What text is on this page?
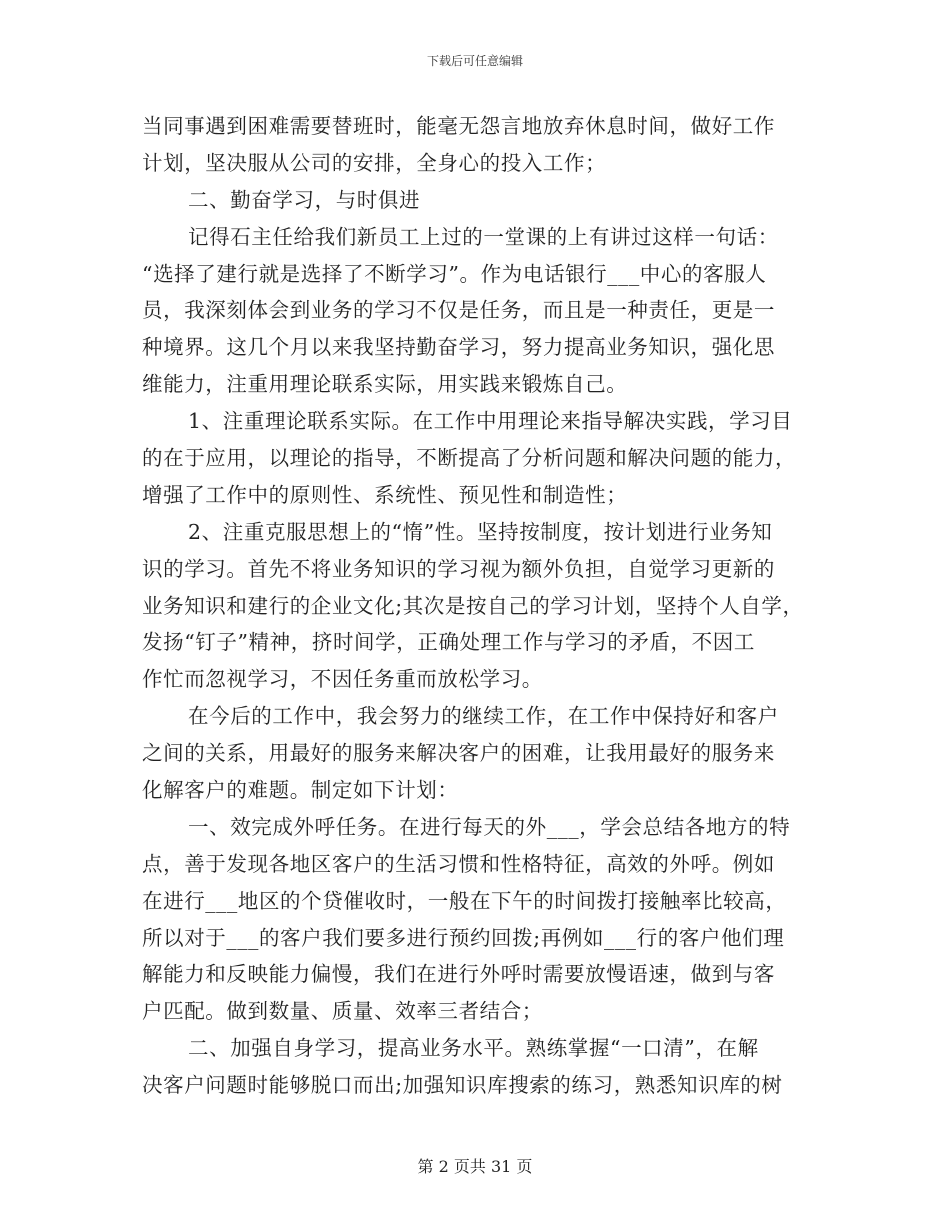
下载后可任意编辑
当同事遇到困难需要替班时，能毫无怨言地放弃休息时间，做好工作
计划，坚决服从公司的安排，全身心的投入工作；
二、勤奋学习，与时俱进
记得石主任给我们新员工上过的一堂课的上有讲过这样一句话：
“选择了建行就是选择了不断学习”。作为电话银行___中心的客服人
员，我深刻体会到业务的学习不仅是任务，而且是一种责任，更是一
种境界。这几个月以来我坚持勤奋学习，努力提高业务知识，强化思
维能力，注重用理论联系实际，用实践来锻炼自己。
1、注重理论联系实际。在工作中用理论来指导解决实践，学习目
的在于应用，以理论的指导，不断提高了分析问题和解决问题的能力，
增强了工作中的原则性、系统性、预见性和制造性；
2、注重克服思想上的“惰”性。坚持按制度，按计划进行业务知
识的学习。首先不将业务知识的学习视为额外负担，自觉学习更新的
业务知识和建行的企业文化;其次是按自己的学习计划，坚持个人自学，
发扬“钉子”精神，挤时间学，正确处理工作与学习的矛盾，不因工
作忙而忽视学习，不因任务重而放松学习。
在今后的工作中，我会努力的继续工作，在工作中保持好和客户
之间的关系，用最好的服务来解决客户的困难，让我用最好的服务来
化解客户的难题。制定如下计划：
一、效完成外呼任务。在进行每天的外___，学会总结各地方的特
点，善于发现各地区客户的生活习惯和性格特征，高效的外呼。例如
在进行___地区的个贷催收时，一般在下午的时间拨打接触率比较高，
所以对于___的客户我们要多进行预约回拨;再例如___行的客户他们理
解能力和反映能力偏慢，我们在进行外呼时需要放慢语速，做到与客
户匹配。做到数量、质量、效率三者结合；
二、加强自身学习，提高业务水平。熟练掌握“一口清”，在解
决客户问题时能够脱口而出;加强知识库搜索的练习，熟悉知识库的树
第 2 页共 31 页
